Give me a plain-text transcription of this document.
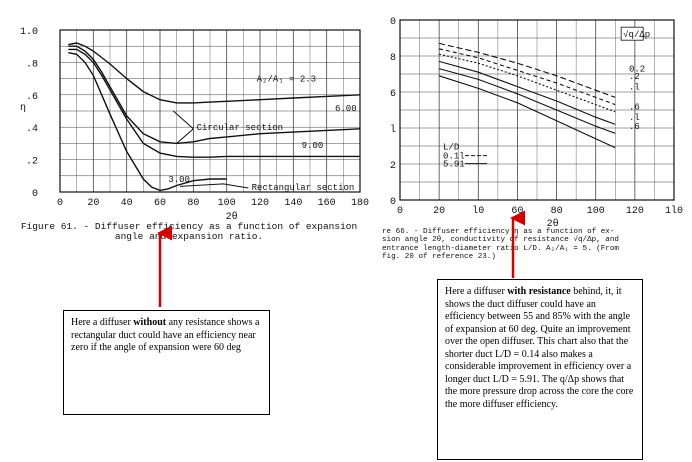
0 20 40 60 80 100 120 140 160 180
0
.2
.4
.6
.8
1.0
η
2θ
A₂/A₁ = 2.3
Circular section
6.00
9.00
3.00
Rectangular section
Figure 61. - Diffuser efficiency as a function of expansion angle and expansion ratio.
0	20	l0	60	80 100 120 1l0
0
2
l
6
8
0
2θ
√q/Δp
0.2
.2
.l
.6
.l
.6
L/D
0.1l
5.91
re 66. - Diffuser efficiency η as a function of ex-
sion angle 2θ, conductivity of resistance √q/Δp, and
entrance length-diameter ratio L/D. A₂/A₁ = 5. (From
fig. 20 of reference 23.)
Here a diffuser without any resistance shows a rectangular duct could have an efficiency near zero if the angle of expansion were 60 deg
Here a diffuser with resistance behind, it, it shows the duct diffuser could have an efficiency between 55 and 85% with the angle of expansion at 60 deg. Quite an improvement over the open diffuser. This chart also that the shorter duct L/D = 0.14 also makes a considerable improvement in efficiency over a longer duct L/D = 5.91. The q/Δp shows that the more pressure drop across the core the core the more diffuser efficiency.
